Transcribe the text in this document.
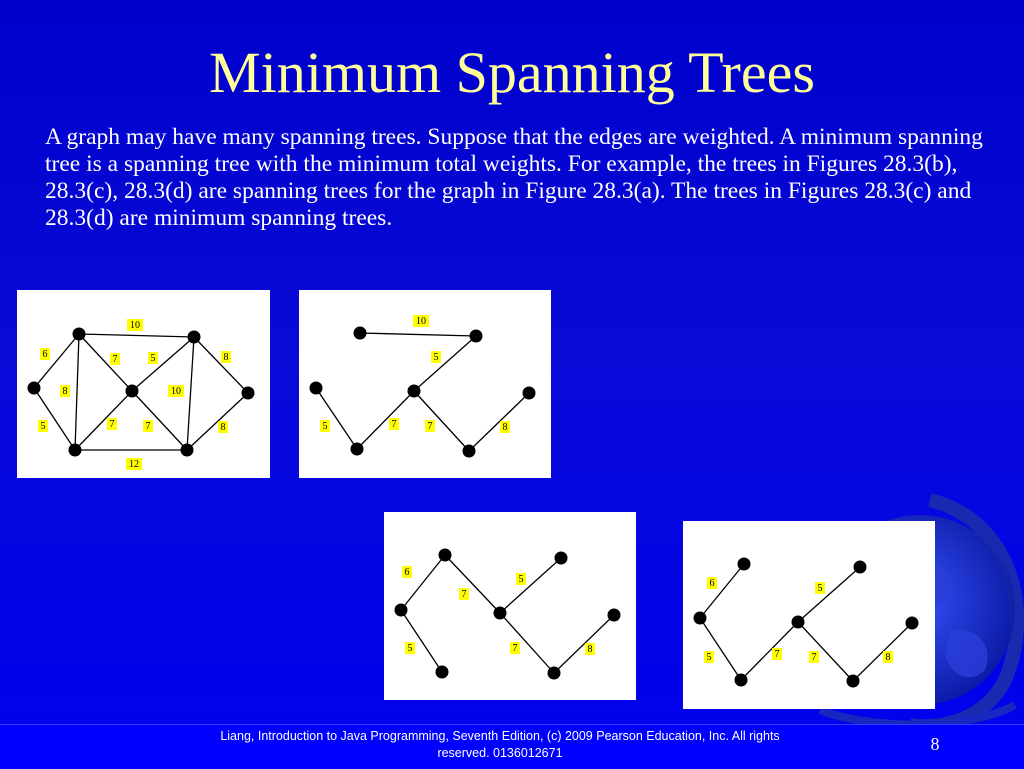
Minimum Spanning Trees
A graph may have many spanning trees. Suppose that the edges are weighted. A minimum spanning tree is a spanning tree with the minimum total weights. For example, the trees in Figures 28.3(b), 28.3(c), 28.3(d) are spanning trees for the graph in Figure 28.3(a). The trees in Figures 28.3(c) and 28.3(d) are minimum spanning trees.
10
6	7	5	8
8	10
5	7	7	8
12
10
5
5	7	7	8
6
7
5
5	7	8
6	5
5	7	7	8
Liang, Introduction to Java Programming, Seventh Edition, (c) 2009 Pearson Education, Inc. All rights reserved. 0136012671	8
